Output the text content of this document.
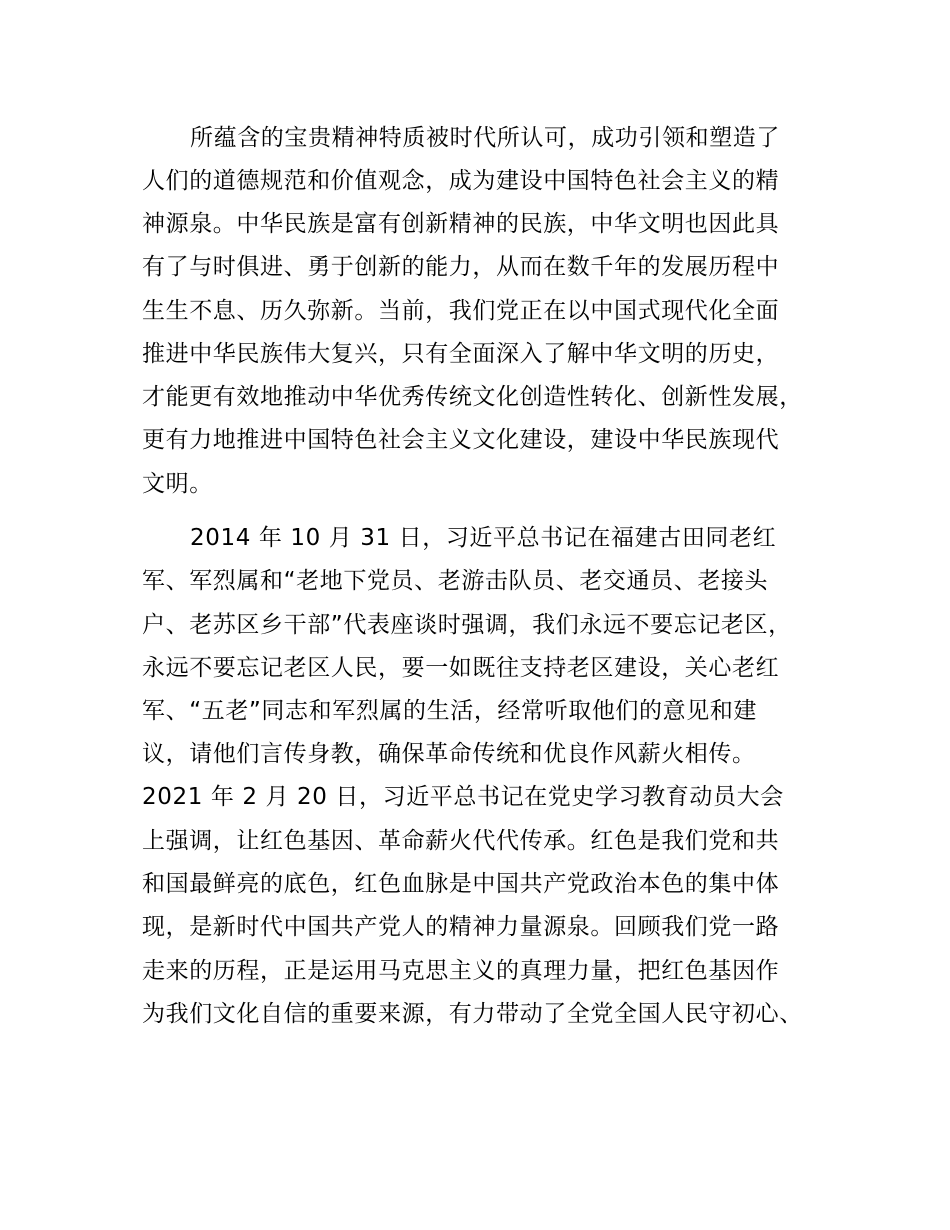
所蕴含的宝贵精神特质被时代所认可，成功引领和塑造了
人们的道德规范和价值观念，成为建设中国特色社会主义的精
神源泉。中华民族是富有创新精神的民族，中华文明也因此具
有了与时俱进、勇于创新的能力，从而在数千年的发展历程中
生生不息、历久弥新。当前，我们党正在以中国式现代化全面
推进中华民族伟大复兴，只有全面深入了解中华文明的历史，
才能更有效地推动中华优秀传统文化创造性转化、创新性发展，
更有力地推进中国特色社会主义文化建设，建设中华民族现代
文明。
2014 年 10 月 31 日，习近平总书记在福建古田同老红
军、军烈属和“老地下党员、老游击队员、老交通员、老接头
户、老苏区乡干部”代表座谈时强调，我们永远不要忘记老区，
永远不要忘记老区人民，要一如既往支持老区建设，关心老红
军、“五老”同志和军烈属的生活，经常听取他们的意见和建
议，请他们言传身教，确保革命传统和优良作风薪火相传。
2021 年 2 月 20 日，习近平总书记在党史学习教育动员大会
上强调，让红色基因、革命薪火代代传承。红色是我们党和共
和国最鲜亮的底色，红色血脉是中国共产党政治本色的集中体
现，是新时代中国共产党人的精神力量源泉。回顾我们党一路
走来的历程，正是运用马克思主义的真理力量，把红色基因作
为我们文化自信的重要来源，有力带动了全党全国人民守初心、
